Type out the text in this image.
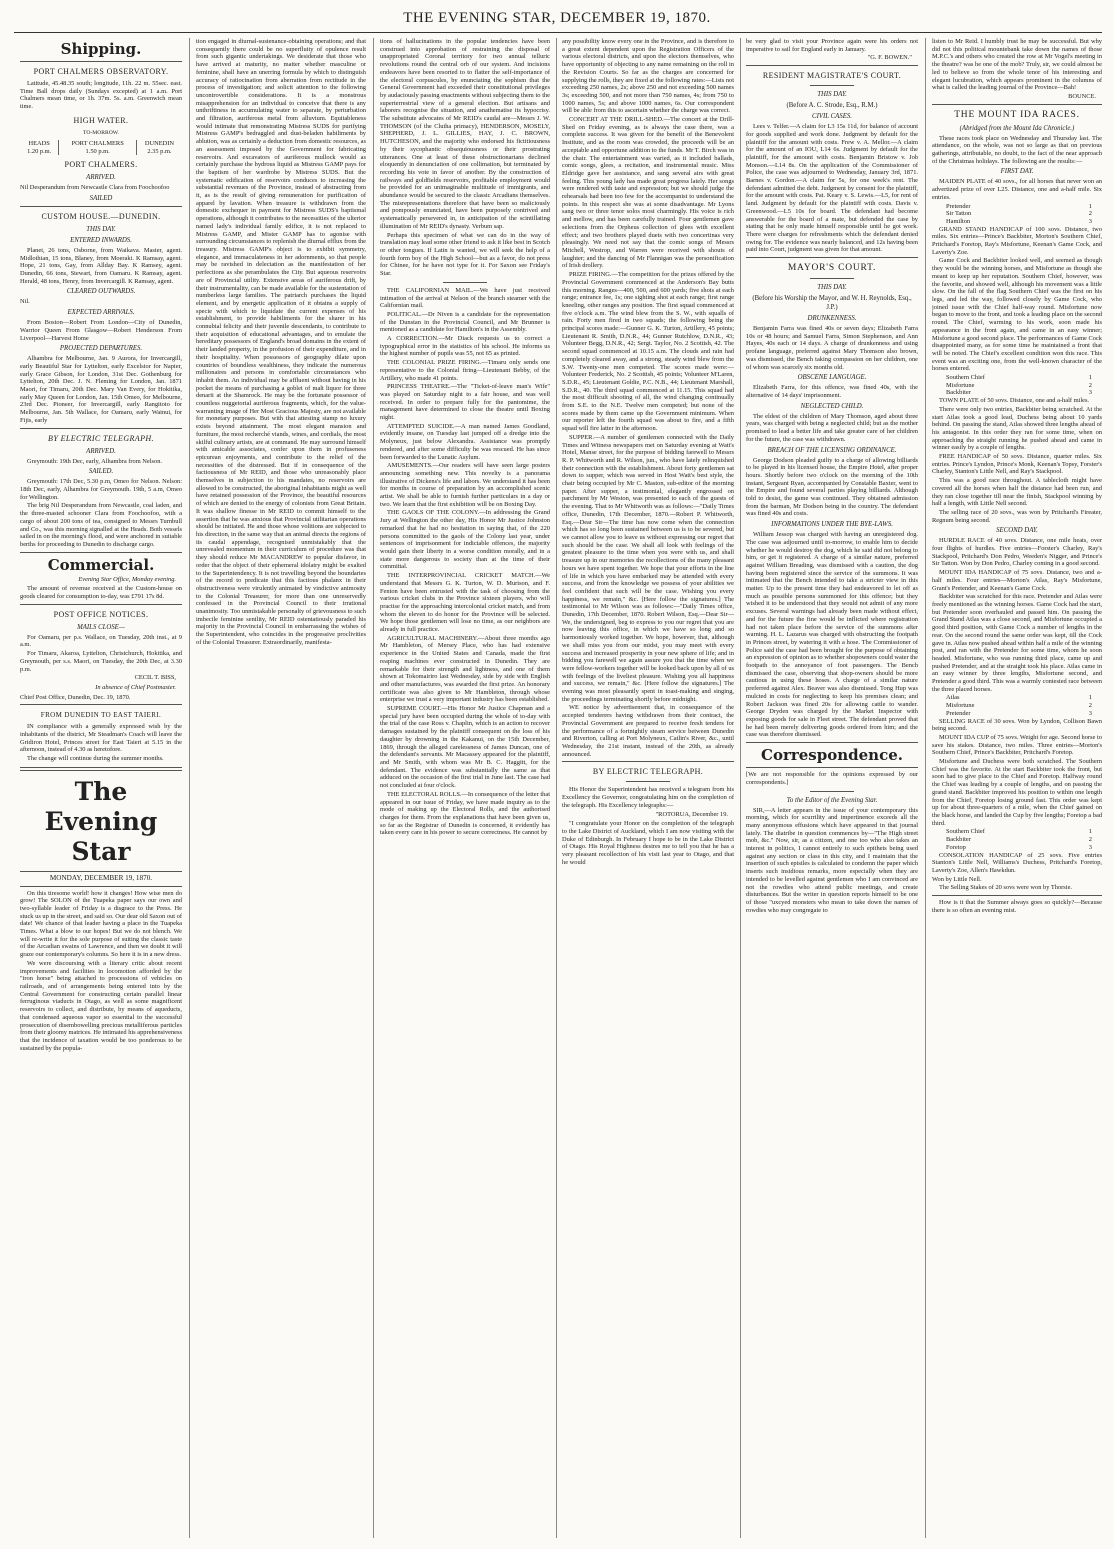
THE EVENING STAR, DECEMBER 19, 1870.
Shipping.
PORT CHALMERS OBSERVATORY.

Latitude, 45.48.35 south; longitude, 11h. 22 m. 55sec. east. Time Ball drops daily (Sundays excepted) at 1 a.m. Port Chalmers mean time, or 1h. 37m. 5s. a.m. Greenwich mean time.

HIGH WATER.
TO-MORROW.
HEADS	PORT CHALMERS	DUNEDIN
1.20 p.m.	1.50 p.m.	2.35 p.m.
PORT CHALMERS.
ARRIVED.

Nil Desperandum from Newcastle Clara from Foochoofoo

SAILED
CUSTOM HOUSE.—DUNEDIN.
THIS DAY.
ENTERED INWARDS.

Planet, 26 tons, Osborne, from Waikava. Master, agent. Midlothian, 15 tons, Blaney, from Moeraki. K Ramsay, agent. Hope, 21 tons, Gay, from Allday Bay. K Ramsey, agent. Dunedin, 66 tons, Stewart, from Oamaru. K Ramsay, agent. Herald, 48 tons, Henry, from Invercargill. K Ramsay, agent.

CLEARED OUTWARDS.

Nil.

EXPECTED ARRIVALS.

From Boston—Robert From London—City of Dunedin, Warrior Queen From Glasgow—Robert Henderson From Liverpool—Harvest Home

PROJECTED DEPARTURES.

Alhambra for Melbourne, Jan. 9 Aurora, for Invercargill, early Beautiful Star for Lyttelton, early Excelsior for Napier, early Grace Gibson, for London, 31st Dec. Gothenburg for Lyttelton, 20th Dec. J. N. Fleming for London, Jan. 1871 Maori, for Timaru, 20th Dec. Mary Van Every, for Hokitika, early May Queen for London, Jan. 15th Omeo, for Melbourne, 23rd Dec. Pioneer, for Invercargill, early Rangitoto for Melbourne, Jan. 5th Wallace, for Oamaru, early Wainui, for Fijis, early

BY ELECTRIC TELEGRAPH.
ARRIVED.

Greymouth: 19th Dec, early, Alhambra from Nelson.

SAILED.

Greymouth: 17th Dec, 5.30 p.m, Omeo for Nelson. Nelson: 18th Dec, early, Alhambra for Greymouth. 19th, 5 a.m, Omeo for Wellington.

The brig Nil Desperandum from Newcastle, coal laden, and the three-masted schooner Clara from Foochoofoo, with a cargo of about 200 tons of tea, consigned to Messrs Turnbull and Co., was this morning signalled at the Heads. Both vessels sailed in on the morning's flood, and were anchored in suitable berths for proceeding to Dunedin to discharge cargo.

Commercial.
Evening Star Office, Monday evening.

The amount of revenue received at the Custom-house on goods cleared for consumption to-day, was £791 17s 8d.

POST OFFICE NOTICES.
MAILS CLOSE—

For Oamaru, per p.s. Wallace, on Tuesday, 20th inst., at 9 a.m.

For Timaru, Akaroa, Lyttelton, Christchurch, Hokitika, and Greymouth, per s.s. Maori, on Tuesday, the 20th Dec, at 3.30 p.m.

CECIL T. BISS,
In absence of Chief Postmaster.

Chief Post Office, Dunedin, Dec. 19, 1870.

FROM DUNEDIN TO EAST TAIERI.

IN compliance with a generally expressed wish by the inhabitants of the district, Mr Steadman's Coach will leave the Gridiron Hotel, Princes street for East Taieri at 5.15 in the afternoon, instead of 4.30 as heretofore.

The change will continue during the summer months.

The Evening Star
MONDAY, DECEMBER 19, 1870.

On this tiresome world! how it changes! How wise men do grow! The SOLON of the Tuapeka paper says our own and two-syllable leader of Friday is a disgrace to the Press. He stuck us up in the street, and said so. Our dear old Saxon out of date! We chance of that leader having a place in the Tuapeka Times. What a blow to our hopes! But we do not blench. We will re-write it for the sole purpose of suiting the classic taste of the Arcadian swains of Lawrence, and then we doubt it will graze our contemporary's columns. So here it is in a new dress.

We were discoursing with a literary critic about recent improvements and facilities in locomotion afforded by the "iron horse" being attached to processions of vehicles on railroads, and of arrangements being entered into by the Central Government for constructing certain parallel linear ferruginous viaducts in Otago, as well as some magnificent reservoirs to collect, and distribute, by means of aqueducts, that condensed aqueous vapor so essential to the successful prosecution of disembowelling precious metalliferous particles from their gloomy matrices. He intimated his apprehensiveness that the incidence of taxation would be too ponderous to be sustained by the popula-

tion engaged in diurnal-sustenance-obtaining operations; and that consequently there could be no superfluity of opulence result from such gigantic undertakings. We desiderate that those who have arrived at maturity, no matter whether masculine or feminine, shall have an unerring formula by which to distinguish accuracy of ratiocination from aberration from rectitude in the process of investigation; and solicit attention to the following uncontrovertible considerations. It is a monstrous misapprehension for an individual to conceive that there is any unthriftiness in accumulating water to separate, by perturbation and filtration, auriferous metal from alluvium. Equitableness would intimate that remonstrating Mistress SUDS for purifying Mistress GAMP's bedraggled and dust-beladen habiliments by ablution, was as certainly a deduction from domestic resources, as an assessment imposed by the Government for fabricating reservoirs. And excavators of auriferous mullock would as certainly purchase the hydrous liquid as Mistress GAMP pays for the baptism of her wardrobe by Mistress SUDS. But the systematic edification of reservoirs conduces to increasing the substantial revenues of the Province, instead of abstracting from it, as is the result of giving remuneration for purification of apparel by lavation. When treasure is withdrawn from the domestic exchequer in payment for Mistress SUDS's baptismal operations, although it contributes to the necessities of the ulterior named lady's individual family edifice, it is not replaced to Mistress GAMP, and Mister GAMP has to agonise with surrounding circumstances to replenish the diurnal efflux from the treasury. Mistress GAMP's object is to exhibit symmetry, elegance, and immaculateness in her adornments, so that people may be ravished in delectation as the manifestation of her perfections as she perambulates the City. But aqueous reservoirs are of Provincial utility. Extensive areas of auriferous drift, by their instrumentality, can be made available for the sustentation of numberless large families. The patriarch purchases the liquid element, and by energetic application of it obtains a supply of specie with which to liquidate the current expenses of his establishment, to provide habiliments for the sharer in his connubial felicity and their juvenile descendants, to contribute to their acquisition of educational advantages, and to emulate the hereditary possessors of England's broad domains in the extent of their landed property, in the profusion of their expenditure, and in their hospitality. When possessors of geography dilate upon countries of boundless wealthiness, they indicate the numerous millionaires and persons in comfortable circumstances who inhabit them. An individual may be affluent without having in his pocket the means of purchasing a goblet of malt liquor for three denarii at the Shamrock. He may be the fortunate possessor of countless nuggetorial auriferous fragments, which, for the value-warranting image of Her Most Gracious Majesty, are not available for monetary purposes. But with that attesting stamp no luxury exists beyond attainment. The most elegant mansion and furniture, the most recherché viands, wines, and cordials, the most skilful culinary artists, are at command. He may surround himself with amicable associates, confer upon them in profuseness epicurean enjoyments, and contribute to the relief of the necessities of the distressed. But if in consequence of the factiousness of Mr REID, and those who unreasonably place themselves in subjection to his mandates, no reservoirs are allowed to be constructed, the aboriginal inhabitants might as well have retained possession of the Province, the beautiful resources of which are denied to the energy of colonists from Great Britain. It was shallow finesse in Mr REID to commit himself to the assertion that he was anxious that Provincial utilitarian operations should be initiated. He and those whose volitions are subjected to his direction, in the same way that an animal directs the regions of its caudal appendage, recognised unmistakably that the unrevealed momentum in their curriculum of procedure was that they should reduce Mr MACANDREW to popular disfavor, in order that the object of their ephemeral idolatry might be exalted to the Superintendency. It is not travelling beyond the boundaries of the record to predicate that this factious phalanx in their obstructiveness were virulently animated by vindictive animosity to the Colonial Treasurer, for more than one unreservedly confessed in the Provincial Council to their irrational unanimosity. Too unmistakable personalty of grievousness to such imbecile feminine senility, Mr REID ostentatiously paraded his majority in the Provincial Council in embarrassing the wishes of the Superintendent, who coincides in the progressive proclivities of the Colonial Treasurer. Extraordinarily, manifesta-

tions of hallucinations in the popular tendencies have been construed into approbation of restraining the disposal of unappropriated Coronal territory for two annual telluric revolutions round the central orb of our system. And incisions endeavors have been resorted to to flatter the self-importance of the electoral corpuscules, by enunciating the sophism that the General Government had exceeded their constitutional privileges by audaciously passing enactments without subjecting them to the superterrestrial view of a general election. But artisans and laborers recognise the situation, and anathematise its hypocrisy. The substitute advocates of Mr REID's caudal are—Messrs J. W. THOMSON (of the Clutha primacy), HENDERSON, MOSELY, SHEPHERD, J. L. GILLIES, HAY, J. C. BROWN, HUTCHESON, and the majority who endorsed his fictitiousness by their sycophantic obsequiousness or their prostrating utterances. One at least of these obstructionarians declined eloquently in denunciation of one collimation, but terminated by recording his vote in favor of another. By the construction of railways and goldfields reservoirs, profitable employment would be provided for an unimaginable multitude of immigrants, and abundance would be secured to the classic Arcadians themselves. The misrepresentations therefore that have been so maliciously and pompously enunciated, have been purposely contrived and systematically persevered in, in anticipation of the scintillating illumination of Mr REID's dynasty. Verbum sap.

Perhaps this specimen of what we can do in the way of translation may lead some other friend to ask it like best in Scotch or other tongues. If Latin is wanted, we will seek the help of a fourth form boy of the High School—but as a favor, do not press for Chinee, for he have not type for it. For Saxon see Friday's Star.

THE CALIFORNIAN MAIL.—We have just received intimation of the arrival at Nelson of the branch steamer with the Californian mail.

POLITICAL.—Dr Niven is a candidate for the representation of the Dunstan in the Provincial Council, and Mr Brunner is mentioned as a candidate for Hamilton's in the Assembly.

A CORRECTION.—Mr Diack requests us to correct a typographical error in the statistics of his school. He informs us the highest number of pupils was 55, not 65 as printed.

THE COLONIAL PRIZE FIRING.—Timaru only sends one representative to the Colonial firing—Lieutenant Bebby, of the Artillery, who made 41 points.

PRINCESS THEATRE.—The "Ticket-of-leave man's Wife" was played on Saturday night to a fair house, and was well received. In order to prepare fully for the pantomime, the management have determined to close the theatre until Boxing night.

ATTEMPTED SUICIDE.—A man named James Goodland, evidently insane, on Tuesday last jumped off a dredge into the Molyneux, just below Alexandra. Assistance was promptly rendered, and after some difficulty he was rescued. He has since been forwarded to the Lunatic Asylum.

AMUSEMENTS.—Our readers will have seen large posters announcing something new. This novelty is a panorama illustrative of Dickens's life and labors. We understand it has been for months in course of preparation by an accomplished scenic artist. We shall be able to furnish further particulars in a day or two. We learn that the first exhibition will be on Boxing Day.

THE GAOLS OF THE COLONY.—In addressing the Grand Jury at Wellington the other day, His Honor Mr Justice Johnston remarked that he had no hesitation in saying that, of the 220 persons committed to the gaols of the Colony last year, under sentences of imprisonment for indictable offences, the majority would gain their liberty in a worse condition morally, and in a state more dangerous to society than at the time of their committal.

THE INTERPROVINCIAL CRICKET MATCH.—We understand that Messrs G. K. Turton, W. D. Murison, and F. Fenton have been entrusted with the task of choosing from the various cricket clubs in the Province sixteen players, who will practise for the approaching intercolonial cricket match, and from whom the eleven to do honor for the Province will be selected. We hope those gentlemen will lose no time, as our neighbors are already in full practice.

AGRICULTURAL MACHINERY.—About three months ago Mr Hambleton, of Mersey Place, who has had extensive experience in the United States and Canada, made the first reaping machines ever constructed in Dunedin. They are remarkable for their strength and lightness, and one of them shown at Tokomairiro last Wednesday, side by side with English and other manufactures, was awarded the first prize. An honorary certificate was also given to Mr Hambleton, through whose enterprise we trust a very important industry has been established.

SUPREME COURT.—His Honor Mr Justice Chapman and a special jury have been occupied during the whole of to-day with the trial of the case Ross v. Chaplin, which is an action to recover damages sustained by the plaintiff consequent on the loss of his daughter by drowning in the Kakanui, on the 15th December, 1869, through the alleged carelessness of James Duncan, one of the defendant's servants. Mr Macassey appeared for the plaintiff, and Mr Smith, with whom was Mr B. C. Haggitt, for the defendant. The evidence was substantially the same as that adduced on the occasion of the first trial in June last. The case had not concluded at four o'clock.

THE ELECTORAL ROLLS.—In consequence of the letter that appeared in our issue of Friday, we have made inquiry as to the mode of making up the Electoral Rolls, and the authorised charges for them. From the explanations that have been given us, so far as the Registrar of Dunedin is concerned, it evidently has taken every care in his power to secure correctness. He cannot by

any possibility know every one in the Province, and is therefore to a great extent dependent upon the Registration Officers of the various electoral districts, and upon the electors themselves, who have opportunity of objecting to any name remaining on the roll in the Revision Courts. So far as the charges are concerned for supplying the rolls, they are fixed at the following rates:—Lists not exceeding 250 names, 2s; above 250 and not exceeding 500 names 3s; exceeding 500, and not more than 750 names, 4s; from 750 to 1000 names, 5s; and above 1000 names, 6s. Our correspondent will be able from this to ascertain whether the charge was correct.

CONCERT AT THE DRILL-SHED.—The concert at the Drill-Shed on Friday evening, as is always the case there, was a complete success. It was given for the benefit of the Benevolent Institute, and as the room was crowded, the proceeds will be an acceptable and opportune addition to the funds. Mr T. Birch was in the chair. The entertainment was varied, as it included ballads, comic songs, glees, a recitation, and instrumental music. Miss Eldridge gave her assistance, and sang several airs with great feeling. This young lady has made great progress lately. Her songs were rendered with taste and expression; but we should judge the rehearsals had been too few for the accompanist to understand the points. In this respect she was at some disadvantage. Mr Lyons sang two or three tenor solos most charmingly. His voice is rich and mellow, and has been carefully trained. Four gentlemen gave selections from the Orpheus collection of glees with excellent effect; and two brothers played duets with two concertinas very pleasingly. We need not say that the comic songs of Messrs Mitchell, Westrop, and Warren were received with shouts of laughter; and the dancing of Mr Flannigan was the personification of Irish drollery.

PRIZE FIRING.—The competition for the prizes offered by the Provincial Government commenced at the Anderson's Bay butts this morning. Ranges—400, 500, and 600 yards; five shots at each range; entrance fee, 1s; one sighting shot at each range; first range kneeling, other ranges any position. The first squad commenced at five o'clock a.m. The wind blew from the S. W., with squalls of rain. Forty men fired in two squads; the following being the principal scores made:—Gunner G. K. Turton, Artillery, 45 points; Lieutenant R. Smith, D.N.R., 44; Gunner Rutchlow, D.N.R., 43; Volunteer Begg, D.N.R., 42; Sergt. Taylor, No. 2 Scottish, 42. The second squad commenced at 10.15 a.m. The clouds and rain had completely cleared away, and a strong, steady wind blew from the S.W. Twenty-one men competed. The scores made were:—Volunteer Frederick, No. 2 Scottish, 45 points; Volunteer M'Laren, S.D.R., 45; Lieutenant Goldie, P.C. N.B., 44; Lieutenant Marshall, S.D.R., 40. The third squad commenced at 11.15. This squad had the most difficult shooting of all, the wind changing continually from S.E. to the N.E. Twelve men competed; but none of the scores made by them came up the Government minimum. When our reporter left the fourth squad was about to fire, and a fifth squad will fire latter in the afternoon.

SUPPER.—A number of gentlemen connected with the Daily Times and Witness newspapers met on Saturday evening at Watt's Hotel, Manse street, for the purpose of bidding farewell to Messrs R. P. Whitworth and R. Wilson, jun., who have lately relinquished their connection with the establishment. About forty gentlemen sat down to supper, which was served in Host Watt's best style, the chair being occupied by Mr C. Maston, sub-editor of the morning paper. After supper, a testimonial, elegantly engrossed on parchment by Mr Weston, was presented to each of the guests of the evening. That to Mr Whitworth was as follows:—"Daily Times office, Dunedin, 17th December, 1870.—Robert P. Whitworth, Esq.—Dear Sir—The time has now come when the connection which has so long been sustained between us is to be severed, but we cannot allow you to leave us without expressing our regret that such should be the case. We shall all look with feelings of the greatest pleasure to the time when you were with us, and shall treasure up in our memories the recollections of the many pleasant hours we have spent together. We hope that your efforts in the line of life in which you have embarked may be attended with every success, and from the knowledge we possess of your abilities we feel confident that such will be the case. Wishing you every happiness, we remain," &c. [Here follow the signatures.] The testimonial to Mr Wilson was as follows:—"Daily Times office, Dunedin, 17th December, 1870. Robert Wilson, Esq.—Dear Sir—We, the undersigned, beg to express to you our regret that you are now leaving this office, in which we have so long and so harmoniously worked together. We hope, however, that, although we shall miss you from our midst, you may meet with every success and increased prosperity in your new sphere of life; and in bidding you farewell we again assure you that the time when we were fellow-workers together will be looked back upon by all of us with feelings of the liveliest pleasure. Wishing you all happiness and success, we remain," &c. [Here follow the signatures.] The evening was most pleasantly spent in toast-making and singing, the proceedings terminating shortly before midnight.

WE notice by advertisement that, in consequence of the accepted tenderers having withdrawn from their contract, the Provincial Government are prepared to receive fresh tenders for the performance of a fortnightly steam service between Dunedin and Riverton, calling at Port Molyneux, Catlin's River, &c., until Wednesday, the 21st instant, instead of the 20th, as already announced.

BY ELECTRIC TELEGRAPH.

His Honor the Superintendent has received a telegram from his Excellency the Governor, congratulating him on the completion of the telegraph. His Excellency telegraphs:—

"ROTORUA, December 19.

"I congratulate your Honor on the completion of the telegraph to the Lake District of Auckland, which I am now visiting with the Duke of Edinburgh. In February I hope to be in the Lake District of Otago. His Royal Highness desires me to tell you that he has a very pleasant recollection of his visit last year to Otago, and that he would

be very glad to visit your Province again were his orders not imperative to sail for England early in January.

"G. F. BOWEN."
RESIDENT MAGISTRATE'S COURT.
THIS DAY.
(Before A. C. Strode, Esq., R.M.)
CIVIL CASES.

Lees v. Telfer.—A claim for L3 15s 11d, for balance of account for goods supplied and work done. Judgment by default for the plaintiff for the amount with costs. Frew v. A. Mellor.—A claim for the amount of an IOU, L14 6s. Judgment by default for the plaintiff, for the amount with costs. Benjamin Bristow v. Job Monson.—L14 8s. On the application of the Commissioner of Police, the case was adjourned to Wednesday, January 3rd, 1871. Barnes v. Gordon.—A claim for 5s, for one week's rent. The defendant admitted the debt. Judgment by consent for the plaintiff, for the amount with costs. Pat. Keary v. S. Lewis.—L5, for rent of land. Judgment by default for the plaintiff with costs. Davis v. Greenwood.—L5 10s for board. The defendant had become answerable for the board of a mate, but defended the case by stating that he only made himself responsible until he got work. There were charges for refreshments which the defendant denied owing for. The evidence was nearly balanced, and 12s having been paid into Court, judgment was given for that amount.

MAYOR'S COURT.
THIS DAY.
(Before his Worship the Mayor, and W. H. Reynolds, Esq., J.P.)
DRUNKENNESS.

Benjamin Farra was fined 40s or seven days; Elizabeth Farra 10s or 48 hours; and Samuel Farra, Simon Stephenson, and Ann Hayes, 40s each or 14 days. A charge of drunkenness and using profane language, preferred against Mary Thomson also brown, was dismissed, the Bench taking compassion on her children, one of whom was scarcely six months old.

OBSCENE LANGUAGE.

Elizabeth Farra, for this offence, was fined 40s, with the alternative of 14 days' imprisonment.

NEGLECTED CHILD.

The eldest of the children of Mary Thomson, aged about three years, was charged with being a neglected child; but as the mother promised to lead a better life and take greater care of her children for the future, the case was withdrawn.

BREACH OF THE LICENSING ORDINANCE.

George Dodson pleaded guilty to a charge of allowing billiards to be played in his licensed house, the Empire Hotel, after proper hours. Shortly before two o'clock on the morning of the 10th instant, Sergeant Ryan, accompanied by Constable Baxter, went to the Empire and found several parties playing billiards. Although told to desist, the game was continued. They obtained admission from the barman, Mr Dodson being in the country. The defendant was fined 40s and costs.

INFORMATIONS UNDER THE BYE-LAWS.

William Jessop was charged with having an unregistered dog. The case was adjourned until to-morrow, to enable him to decide whether he would destroy the dog, which he said did not belong to him, or get it registered. A charge of a similar nature, preferred against William Breading, was dismissed with a caution, the dog having been registered since the service of the summons. It was intimated that the Bench intended to take a stricter view in this matter. Up to the present time they had endeavored to let off as much as possible persons summoned for this offence; but they wished it to be understood that they would not admit of any more excuses. Several warnings had already been made without effect, and for the future the fine would be inflicted where registration had not taken place before the service of the summons after warning. H. L. Lazarus was charged with obstructing the footpath in Princes street, by watering it with a hose. The Commissioner of Police said the case had been brought for the purpose of obtaining an expression of opinion as to whether shopowners could water the footpath to the annoyance of foot passengers. The Bench dismissed the case, observing that shop-owners should be more cautious in using these hoses. A charge of a similar nature preferred against Alex. Beaver was also dismissed. Tong Hup was mulcted in costs for neglecting to keep his premises clean; and Robert Jackson was fined 20s for allowing cattle to wander. George Dryden was charged by the Market Inspector with exposing goods for sale in Fleet street. The defendant proved that he had been merely delivering goods ordered from him; and the case was therefore dismissed.

Correspondence.

[We are not responsible for the opinions expressed by our correspondents.]

To the Editor of the Evening Star.

SIR,—A letter appears in the issue of your contemporary this morning, which for scurrility and impertinence exceeds all the many anonymous effusions which have appeared in that journal lately. The diatribe in question commences by—"The High street mob, &c." Now, sir, as a citizen, and one too who also takes an interest in politics, I cannot entirely to such epithets being used against any section or class in this city, and I maintain that the insertion of such epistles is calculated to condemn the paper which inserts such insidious remarks, more especially when they are intended to be levelled against gentlemen who I am convinced are not the rowdies who attend public meetings, and create disturbances. But the writer in question reports himself to be one of those "uxcyed monsters who mean to take down the names of rowdies who may congregate to

listen to Mr Reid. I humbly trust he may be successful. But why did not this political mountebank take down the names of those M.P.C.'s and others who created the row at Mr Vogel's meeting in the theatre? was he one of the mob? Truly, sir, we could almost be led to believe so from the whole tenor of his interesting and elegant lucubration, which appears prominent in the columns of what is called the leading journal of the Province—Bah!

BOUNCE.
THE MOUNT IDA RACES.
(Abridged from the Mount Ida Chronicle.)

These races took place on Wednesday and Thursday last. The attendance, on the whole, was not so large as that on previous gatherings, attributable, no doubt, to the fact of the near approach of the Christmas holidays. The following are the results:—

FIRST DAY.

MAIDEN PLATE of 40 sovs., for all horses that never won an advertized prize of over L25. Distance, one and a-half mile. Six entries.

Pretender	1
Sir Tatton	2
Hamilton	3

GRAND STAND HANDICAP of 100 sovs. Distance, two miles. Six entries—Prince's Backbiter, Morton's Southern Chief, Pritchard's Foretop, Ray's Misfortune, Keenan's Game Cock, and Laverty's Zoe.

Game Cock and Backbiter looked well, and seemed as though they would be the winning horses, and Misfortune as though she meant to keep up her reputation. Southern Chief, however, was the favorite, and showed well, although his movement was a little slow. On the fall of the flag Southern Chief was the first on his legs, and led the way, followed closely by Game Cock, who joined issue with the Chief half-way round. Misfortune now began to move to the front, and took a leading place on the second round. The Chief, warming to his work, soon made his appearance in the front again, and came in an easy winner; Misfortune a good second place. The performances of Game Cock disappointed many, as for some time he maintained a front that will be noted. The Chief's excellent condition won this race. This event was an exciting one, from the well-known character of the horses entered.

Southern Chief	1
Misfortune	2
Backbiter	3

TOWN PLATE of 50 sovs. Distance, one and a-half miles.

There were only two entries, Backbiter being scratched. At the start Atlas took a good lead, Duchess being about 10 yards behind. On passing the stand, Atlas showed three lengths ahead of his antagonist. In this order they ran for some time, when on approaching the straight running he pushed ahead and came in winner easily by a couple of lengths.

FREE HANDICAP of 50 sovs. Distance, quarter miles. Six entries. Prince's Lyndon, Prince's Monk, Keenan's Topsy, Forster's Charley, Stanton's Little Nell, and Ray's Stackpool.

This was a good race throughout. A tablecloth might have covered all the horses when half the distance had been run, and they ran close together till near the finish, Stackpool winning by half a length, with Little Nell second.

The selling race of 20 sovs., was won by Pritchard's Fireater, Regnum being second.

SECOND DAY.

HURDLE RACE of 40 sovs. Distance, one mile heats, over four flights of hurdles. Five entries—Forster's Charley, Ray's Stackpool, Pritchard's Don Pedro, Weeden's Nigger, and Prince's Sir Tatton. Won by Don Pedro, Charley coming in a good second.

MOUNT IDA HANDICAP of 75 sovs. Distance, two and a-half miles. Four entries—Morton's Atlas, Ray's Misfortune, Grant's Pretender, and Keenan's Game Cock.

Backbiter was scratched for this race. Pretender and Atlas were freely mentioned as the winning horses. Game Cock had the start, but Pretender soon overhauled and passed him. On passing the Grand Stand Atlas was a close second, and Misfortune occupied a good third position, with Game Cock a number of lengths in the rear. On the second round the same order was kept, till the Cock gave in. Atlas now pushed ahead within half a mile of the winning post, and ran with the Pretender for some time, whom he soon headed. Misfortune, who was running third place, came up and pushed Pretender, and at the straight took his place. Atlas came in an easy winner by three lengths, Misfortune second, and Pretender a good third. This was a warmly contested race between the three placed horses.

Atlas	1
Misfortune	2
Pretender	3

SELLING RACE of 30 sovs. Won by Lyndon, Collison Bawn being second.

MOUNT IDA CUP of 75 sovs. Weight for age. Second horse to save his stakes. Distance, two miles. Three entries—Morton's Southern Chief, Prince's Backbiter, Pritchard's Foretop.

Misfortune and Duchess were both scratched. The Southern Chief was the favorite. At the start Backbiter took the front, but soon had to give place to the Chief and Foretop. Halfway round the Chief was leading by a couple of lengths, and on passing the grand stand. Backbiter improved his position to within one length from the Chief, Foretop losing ground fast. This order was kept up for about three-quarters of a mile, when the Chief gained on the black horse, and landed the Cup by five lengths; Foretop a bad third.

Southern Chief	1
Backbiter	2
Foretop	3

CONSOLATION HANDICAP of 25 sovs. Five entries Stanton's Little Nell, Williams's Duchess, Pritchard's Foretop, Laverty's Zoe, Allen's Hawkdun.

Won by Little Nell.

The Selling Stakes of 20 sovs were won by Thorsie.

How is it that the Summer always goes so quickly?—Because there is so often an evening mist.
